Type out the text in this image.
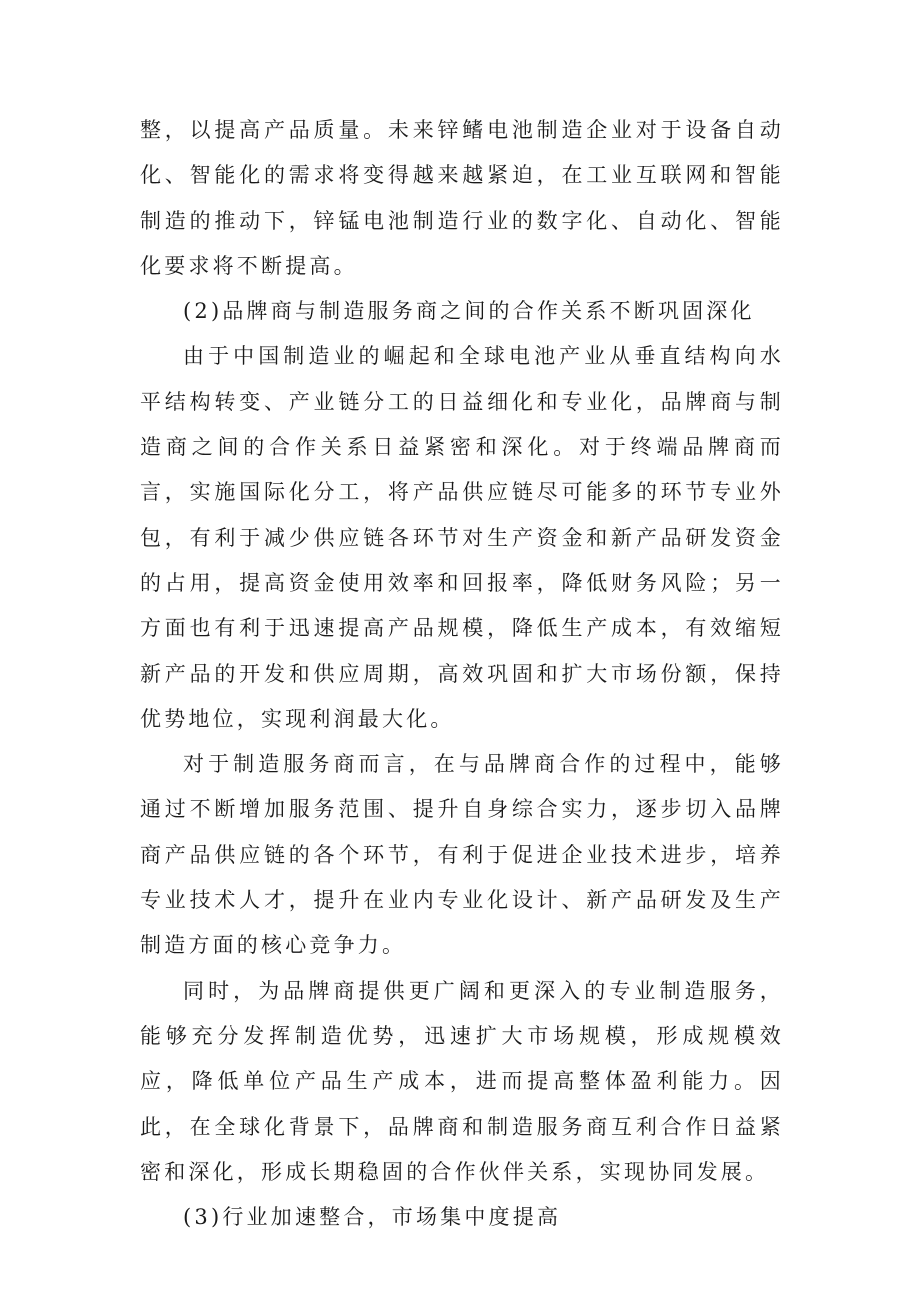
整，以提高产品质量。未来锌鳍电池制造企业对于设备自动化、智能化的需求将变得越来越紧迫，在工业互联网和智能制造的推动下，锌锰电池制造行业的数字化、自动化、智能化要求将不断提高。

(2)品牌商与制造服务商之间的合作关系不断巩固深化

由于中国制造业的崛起和全球电池产业从垂直结构向水平结构转变、产业链分工的日益细化和专业化，品牌商与制造商之间的合作关系日益紧密和深化。对于终端品牌商而言，实施国际化分工，将产品供应链尽可能多的环节专业外包，有利于减少供应链各环节对生产资金和新产品研发资金的占用，提高资金使用效率和回报率，降低财务风险；另一方面也有利于迅速提高产品规模，降低生产成本，有效缩短新产品的开发和供应周期，高效巩固和扩大市场份额，保持优势地位，实现利润最大化。

对于制造服务商而言，在与品牌商合作的过程中，能够通过不断增加服务范围、提升自身综合实力，逐步切入品牌商产品供应链的各个环节，有利于促进企业技术进步，培养专业技术人才，提升在业内专业化设计、新产品研发及生产制造方面的核心竞争力。

同时，为品牌商提供更广阔和更深入的专业制造服务，能够充分发挥制造优势，迅速扩大市场规模，形成规模效应，降低单位产品生产成本，进而提高整体盈利能力。因此，在全球化背景下，品牌商和制造服务商互利合作日益紧密和深化，形成长期稳固的合作伙伴关系，实现协同发展。

(3)行业加速整合，市场集中度提高
